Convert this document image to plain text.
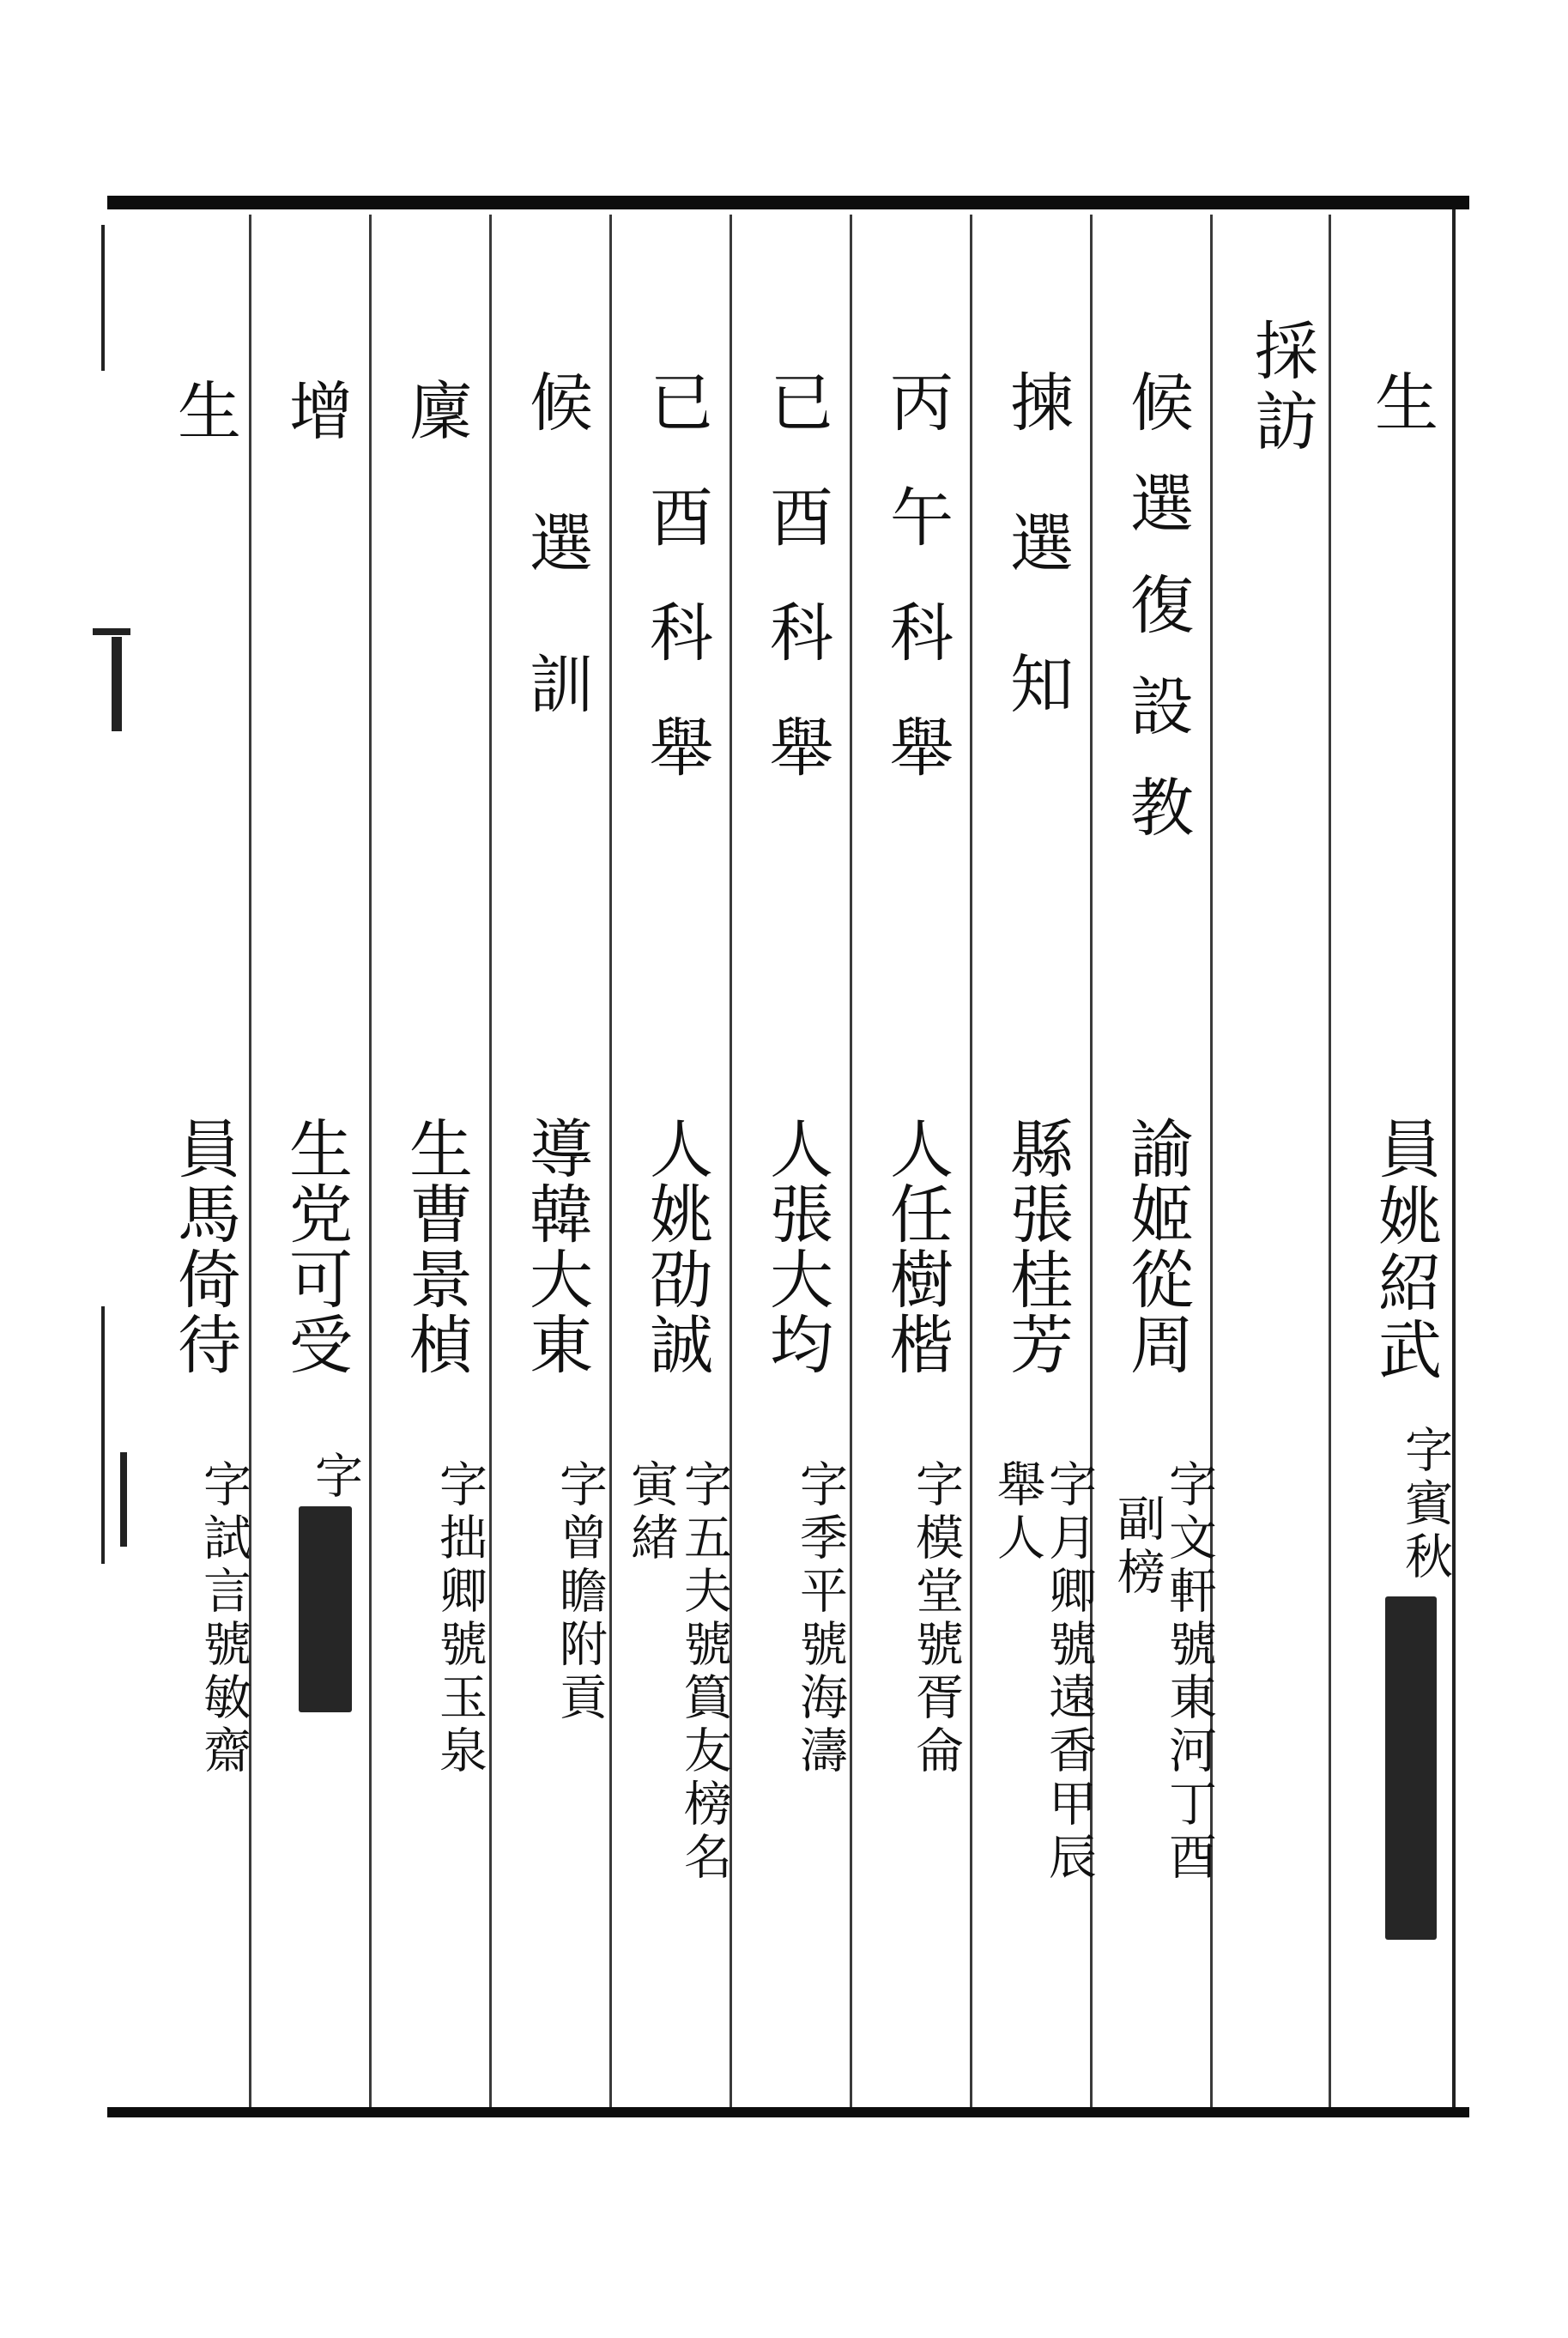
生
員姚紹武
字賓秋
採訪
候選復設教
諭姬從周
字文軒號東河丁酉
副榜
揀選知
縣張桂芳
字月卿號遠香甲辰
舉人
丙午科舉
人任樹楷
字模堂號胥侖
已酉科舉
人張大均
字季平號海濤
已酉科舉
人姚劭誠
字五夫號篔友榜名
寅緒
候選訓
導韓大東
字曾瞻附貢
廩
生曹景楨
字拙卿號玉泉
增
生党可受
字
生
員馬倚待
字試言號敏齋
